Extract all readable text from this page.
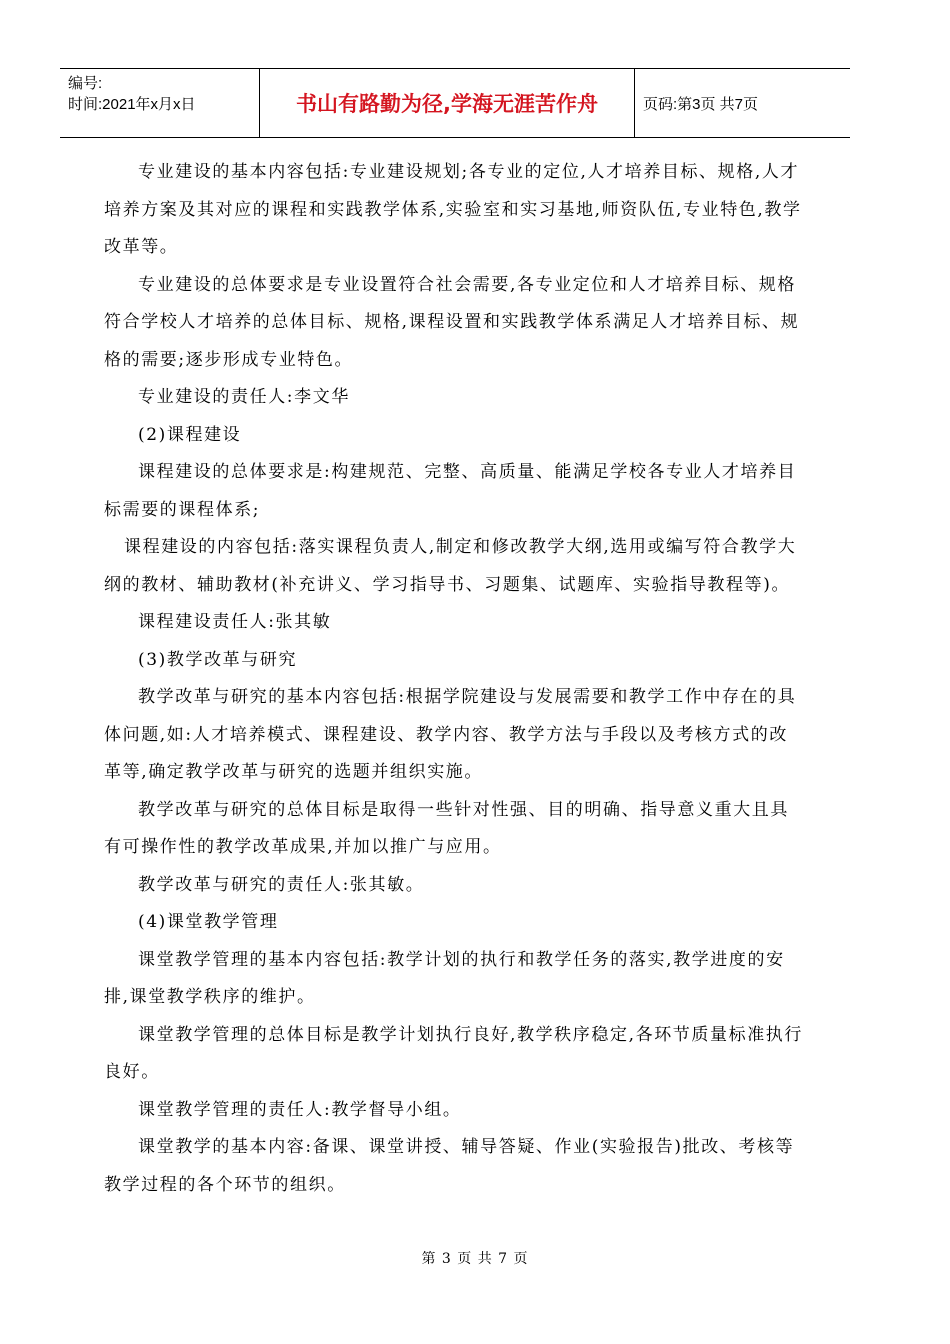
编号:
时间:2021年x月x日	书山有路勤为径,学海无涯苦作舟	页码:第3页 共7页

专业建设的基本内容包括:专业建设规划;各专业的定位,人才培养目标、规格,人才培养方案及其对应的课程和实践教学体系,实验室和实习基地,师资队伍,专业特色,教学改革等。

专业建设的总体要求是专业设置符合社会需要,各专业定位和人才培养目标、规格符合学校人才培养的总体目标、规格,课程设置和实践教学体系满足人才培养目标、规格的需要;逐步形成专业特色。

专业建设的责任人:李文华

(2)课程建设

课程建设的总体要求是:构建规范、完整、高质量、能满足学校各专业人才培养目标需要的课程体系;

课程建设的内容包括:落实课程负责人,制定和修改教学大纲,选用或编写符合教学大纲的教材、辅助教材(补充讲义、学习指导书、习题集、试题库、实验指导教程等)。

课程建设责任人:张其敏

(3)教学改革与研究

教学改革与研究的基本内容包括:根据学院建设与发展需要和教学工作中存在的具体问题,如:人才培养模式、课程建设、教学内容、教学方法与手段以及考核方式的改革等,确定教学改革与研究的选题并组织实施。

教学改革与研究的总体目标是取得一些针对性强、目的明确、指导意义重大且具有可操作性的教学改革成果,并加以推广与应用。

教学改革与研究的责任人:张其敏。

(4)课堂教学管理

课堂教学管理的基本内容包括:教学计划的执行和教学任务的落实,教学进度的安排,课堂教学秩序的维护。

课堂教学管理的总体目标是教学计划执行良好,教学秩序稳定,各环节质量标准执行良好。

课堂教学管理的责任人:教学督导小组。

课堂教学的基本内容:备课、课堂讲授、辅导答疑、作业(实验报告)批改、考核等教学过程的各个环节的组织。

第 3 页 共 7 页
